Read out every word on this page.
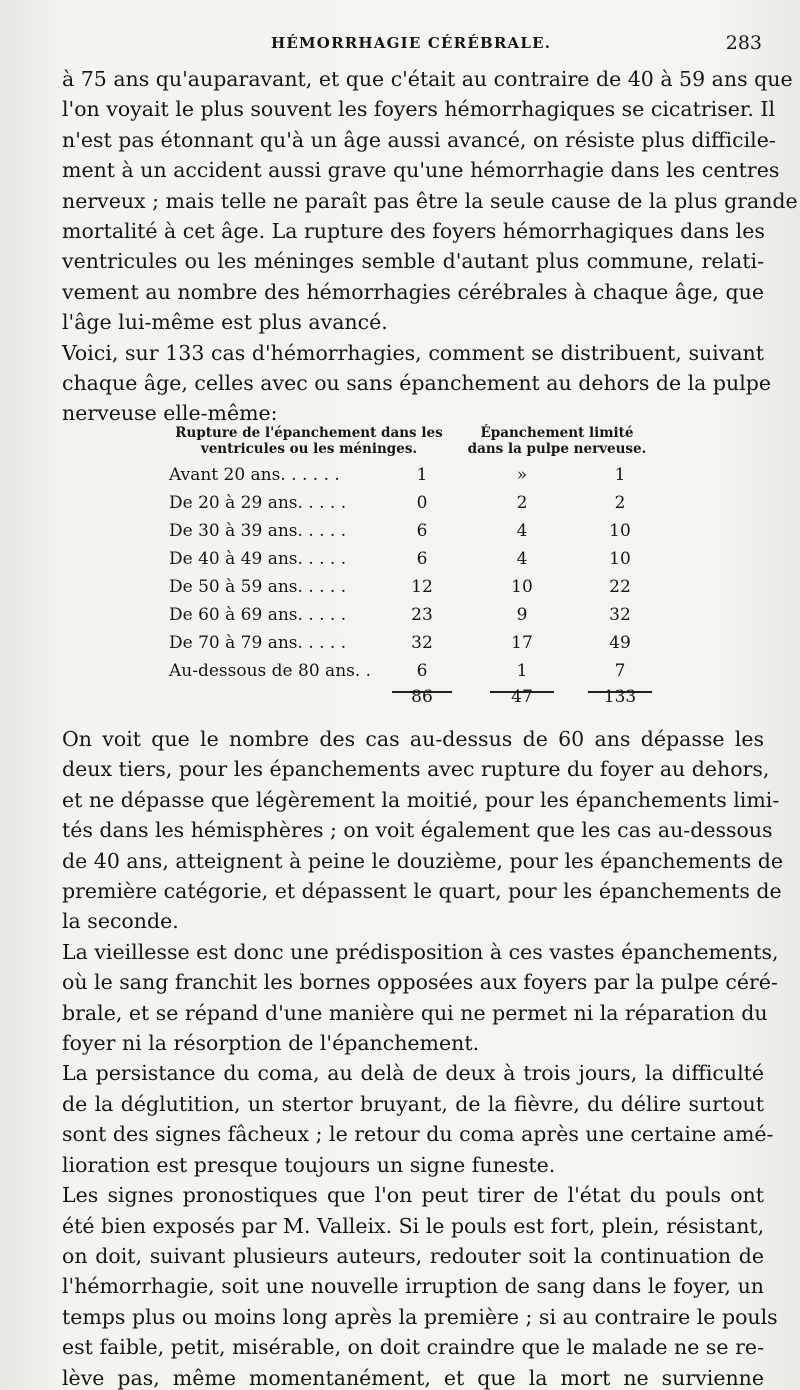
HÉMORRHAGIE CÉRÉBRALE.	283
à 75 ans qu'auparavant, et que c'était au contraire de 40 à 59 ans que
l'on voyait le plus souvent les foyers hémorrhagiques se cicatriser. Il
n'est pas étonnant qu'à un âge aussi avancé, on résiste plus difficile-
ment à un accident aussi grave qu'une hémorrhagie dans les centres
nerveux ; mais telle ne paraît pas être la seule cause de la plus grande
mortalité à cet âge. La rupture des foyers hémorrhagiques dans les
ventricules ou les méninges semble d'autant plus commune, relati-
vement au nombre des hémorrhagies cérébrales à chaque âge, que
l'âge lui-même est plus avancé.
Voici, sur 133 cas d'hémorrhagies, comment se distribuent, suivant
chaque âge, celles avec ou sans épanchement au dehors de la pulpe
nerveuse elle-même:
Rupture de l'épanchement dans les ventricules ou les méninges.
Épanchement limité dans la pulpe nerveuse.
Avant 20 ans. . . . . .	1	»	1
De 20 à 29 ans. . . . .	0	2	2
De 30 à 39 ans. . . . .	6	4	10
De 40 à 49 ans. . . . .	6	4	10
De 50 à 59 ans. . . . .	12	10	22
De 60 à 69 ans. . . . .	23	9	32
De 70 à 79 ans. . . . .	32	17	49
Au-dessous de 80 ans. .	6	1	7
86	47	133
On voit que le nombre des cas au-dessus de 60 ans dépasse les
deux tiers, pour les épanchements avec rupture du foyer au dehors,
et ne dépasse que légèrement la moitié, pour les épanchements limi-
tés dans les hémisphères ; on voit également que les cas au-dessous
de 40 ans, atteignent à peine le douzième, pour les épanchements de
première catégorie, et dépassent le quart, pour les épanchements de
la seconde.
La vieillesse est donc une prédisposition à ces vastes épanchements,
où le sang franchit les bornes opposées aux foyers par la pulpe céré-
brale, et se répand d'une manière qui ne permet ni la réparation du
foyer ni la résorption de l'épanchement.
La persistance du coma, au delà de deux à trois jours, la difficulté
de la déglutition, un stertor bruyant, de la fièvre, du délire surtout
sont des signes fâcheux ; le retour du coma après une certaine amé-
lioration est presque toujours un signe funeste.
Les signes pronostiques que l'on peut tirer de l'état du pouls ont
été bien exposés par M. Valleix. Si le pouls est fort, plein, résistant,
on doit, suivant plusieurs auteurs, redouter soit la continuation de
l'hémorrhagie, soit une nouvelle irruption de sang dans le foyer, un
temps plus ou moins long après la première ; si au contraire le pouls
est faible, petit, misérable, on doit craindre que le malade ne se re-
lève pas, même momentanément, et que la mort ne survienne
